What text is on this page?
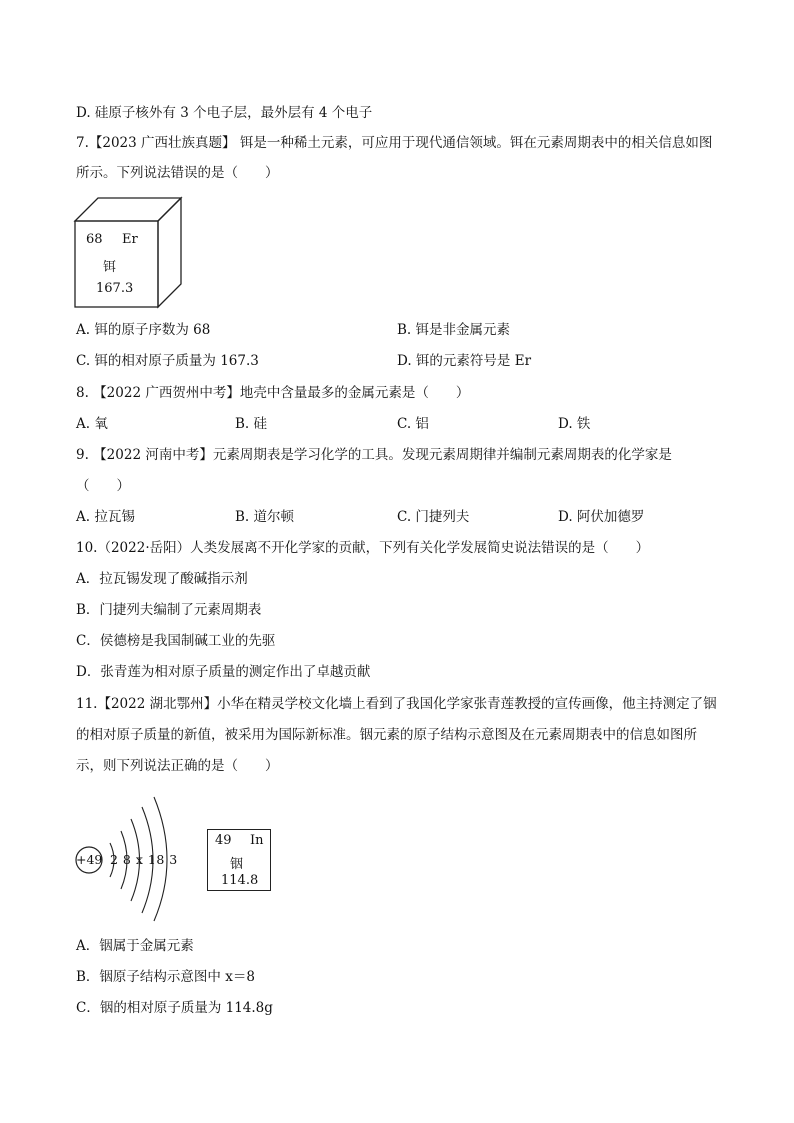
D. 硅原子核外有 3 个电子层，最外层有 4 个电子
7.【2023 广西壮族真题】 铒是一种稀土元素，可应用于现代通信领域。铒在元素周期表中的相关信息如图
所示。下列说法错误的是（　　）
68 Er
铒
167.3
A. 铒的原子序数为 68	B. 铒是非金属元素
C. 铒的相对原子质量为 167.3	D. 铒的元素符号是 Er
8. 【2022 广西贺州中考】地壳中含量最多的金属元素是（　　）
A. 氧	B. 硅	C. 铝	D. 铁
9. 【2022 河南中考】元素周期表是学习化学的工具。发现元素周期律并编制元素周期表的化学家是
（　　）
A. 拉瓦锡	B. 道尔顿	C. 门捷列夫	D. 阿伏加德罗
10.（2022·岳阳）人类发展离不开化学家的贡献，下列有关化学发展简史说法错误的是（　　）
A．拉瓦锡发现了酸碱指示剂
B．门捷列夫编制了元素周期表
C．侯德榜是我国制碱工业的先驱
D．张青莲为相对原子质量的测定作出了卓越贡献
11.【2022 湖北鄂州】小华在精灵学校文化墙上看到了我国化学家张青莲教授的宣传画像，他主持测定了铟
的相对原子质量的新值，被采用为国际新标准。铟元素的原子结构示意图及在元素周期表中的信息如图所
示，则下列说法正确的是（　　）
+49 2 8 x 18 3
49 In
铟
114.8
A．铟属于金属元素
B．铟原子结构示意图中 x＝8
C．铟的相对原子质量为 114.8g
